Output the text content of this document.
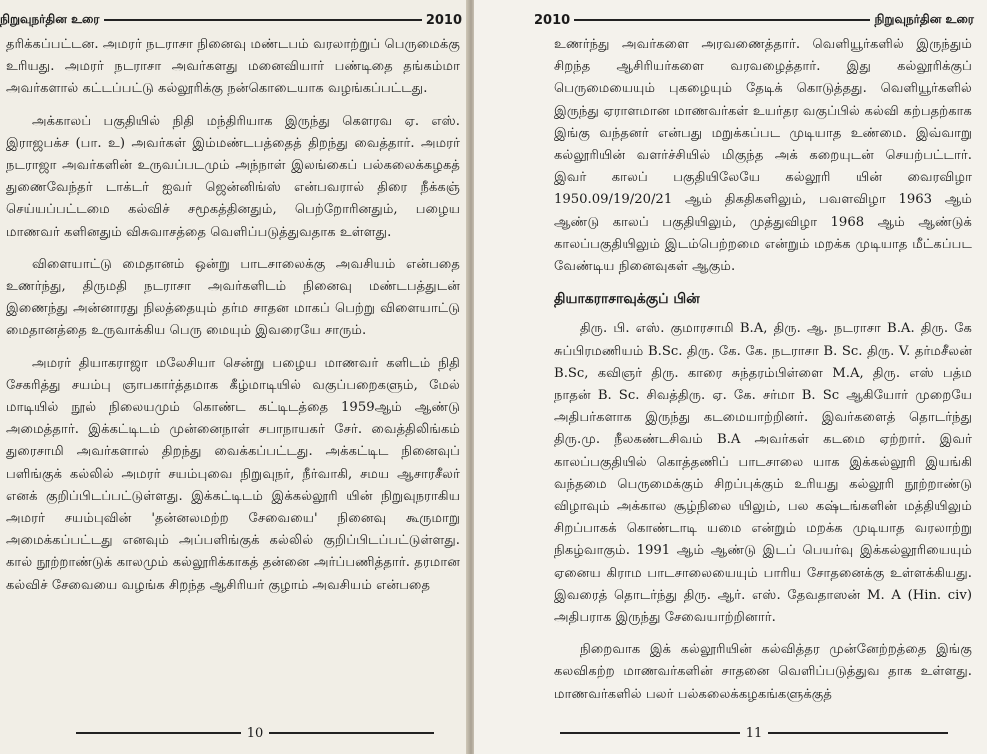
நிறுவுநர்தின உரை	2010

தரிக்கப்பட்டன. அமரர் நடராசா நினைவு மண்டபம் வரலாற்றுப் பெருமைக்கு உரியது. அமரர் நடராசா அவர்களது மனைவியார் பண்டிதை தங்கம்மா அவர்களால் கட்டப்பட்டு கல்லூரிக்கு நன்கொடையாக வழங்கப்பட்டது.

அக்காலப் பகுதியில் நிதி மந்திரியாக இருந்து கௌரவ ஏ. எஸ். இராஜபக்ச (பா. உ) அவர்கள் இம்மண்டபத்தைத் திறந்து வைத்தார். அமரர் நடராஜா அவர்களின் உருவப்படமும் அந்நாள் இலங்கைப் பல்கலைக்கழகத் துணைவேந்தர் டாக்டர் ஐவர் ஜென்னிங்ஸ் என்பவரால் திரை நீக்கஞ் செய்யப்பட்டமை கல்விச் சமூகத்தினதும், பெற்றோரினதும், பழைய மாணவர் களினதும் விசுவாசத்தை வெளிப்படுத்துவதாக உள்ளது.

விளையாட்டு மைதானம் ஒன்று பாடசாலைக்கு அவசியம் என்பதை உணர்ந்து, திருமதி நடராசா அவர்களிடம் நினைவு மண்டபத்துடன் இணைந்து அன்னாரது நிலத்தையும் தர்ம சாதன மாகப் பெற்று விளையாட்டு மைதானத்தை உருவாக்கிய பெரு மையும் இவரையே சாரும்.

அமரர் தியாகராஜா மலேசியா சென்று பழைய மாணவர் களிடம் நிதி சேகரித்து சயம்பு ஞாபகார்த்தமாக கீழ்மாடியில் வகுப்பறைகளும், மேல் மாடியில் நூல் நிலையமும் கொண்ட கட்டிடத்தை 1959ஆம் ஆண்டு அமைத்தார். இக்கட்டிடம் முன்னைநாள் சபாநாயகர் சேர். வைத்திலிங்கம் துரைசாமி அவர்களால் திறந்து வைக்கப்பட்டது. அக்கட்டிட நினைவுப் பளிங்குக் கல்லில் அமரர் சயம்புவை நிறுவுநர், நீர்வாகி, சமய ஆசாரசீலர் எனக் குறிப்பிடப்பட்டுள்ளது. இக்கட்டிடம் இக்கல்லூரி யின் நிறுவுநராகிய அமரர் சயம்புவின் 'தன்னலமற்ற சேவையை' நினைவு கூருமாறு அமைக்கப்பட்டது எனவும் அப்பளிங்குக் கல்லில் குறிப்பிடப்பட்டுள்ளது. கால் நூற்றாண்டுக் காலமும் கல்லூரிக்காகத் தன்னை அர்ப்பணித்தார். தரமான கல்விச் சேவையை வழங்க சிறந்த ஆசிரியர் குழாம் அவசியம் என்பதை

10
2010	நிறுவுநர்தின உரை

உணர்ந்து அவர்களை அரவணைத்தார். வெளியூர்களில் இருந்தும் சிறந்த ஆசிரியர்களை வரவழைத்தார். இது கல்லூரிக்குப் பெருமையையும் புகழையும் தேடிக் கொடுத்தது. வெளியூர்களில் இருந்து ஏராளமான மாணவர்கள் உயர்தர வகுப்பில் கல்வி கற்பதற்காக இங்கு வந்தனர் என்பது மறுக்கப்பட முடியாத உண்மை. இவ்வாறு கல்லூரியின் வளர்ச்சியில் மிகுந்த அக் கறையுடன் செயற்பட்டார். இவர் காலப் பகுதியிலேயே கல்லூரி யின் வைரவிழா 1950.09/19/20/21 ஆம் திகதிகளிலும், பவளவிழா 1963 ஆம் ஆண்டு காலப் பகுதியிலும், முத்துவிழா 1968 ஆம் ஆண்டுக் காலப்பகுதியிலும் இடம்பெற்றமை என்றும் மறக்க முடியாத மீட்கப்பட வேண்டிய நினைவுகள் ஆகும்.

தியாகராசாவுக்குப் பின்

திரு. பி. எஸ். குமாரசாமி B.A, திரு. ஆ. நடராசா B.A. திரு. கே சுப்பிரமணியம் B.Sc. திரு. கே. கே. நடராசா B. Sc. திரு. V. தர்மசீலன் B.Sc, கவிஞர் திரு. காரை சுந்தரம்பிள்ளை M.A, திரு. எஸ் பத்ம நாதன் B. Sc. சிவத்திரு. ஏ. கே. சர்மா B. Sc ஆகியோர் முறையே அதிபர்களாக இருந்து கடமையாற்றினர். இவர்களைத் தொடர்ந்து திரு.மு. நீலகண்டசிவம் B.A அவர்கள் கடமை ஏற்றார். இவர் காலப்பகுதியில் கொத்தணிப் பாடசாலை யாக இக்கல்லூரி இயங்கி வந்தமை பெருமைக்கும் சிறப்புக்கும் உரியது கல்லூரி நூற்றாண்டு விழாவும் அக்கால சூழ்நிலை யிலும், பல கஷ்டங்களின் மத்தியிலும் சிறப்பாகக் கொண்டாடி யமை என்றும் மறக்க முடியாத வரலாற்று நிகழ்வாகும். 1991 ஆம் ஆண்டு இடப் பெயர்வு இக்கல்லூரியையும் ஏனைய கிராம பாடசாலையையும் பாரிய சோதனைக்கு உள்ளக்கியது. இவரைத் தொடர்ந்து திரு. ஆர். எஸ். தேவதாஸன் M. A (Hin. civ) அதிபராக இருந்து சேவையாற்றினார்.

நிறைவாக இக் கல்லூரியின் கல்வித்தர முன்னேற்றத்தை இங்கு கலவிகற்ற மாணவர்களின் சாதனை வெளிப்படுத்துவ தாக உள்ளது. மாணவர்களில் பலர் பல்கலைக்கழகங்களுக்குத்

11
